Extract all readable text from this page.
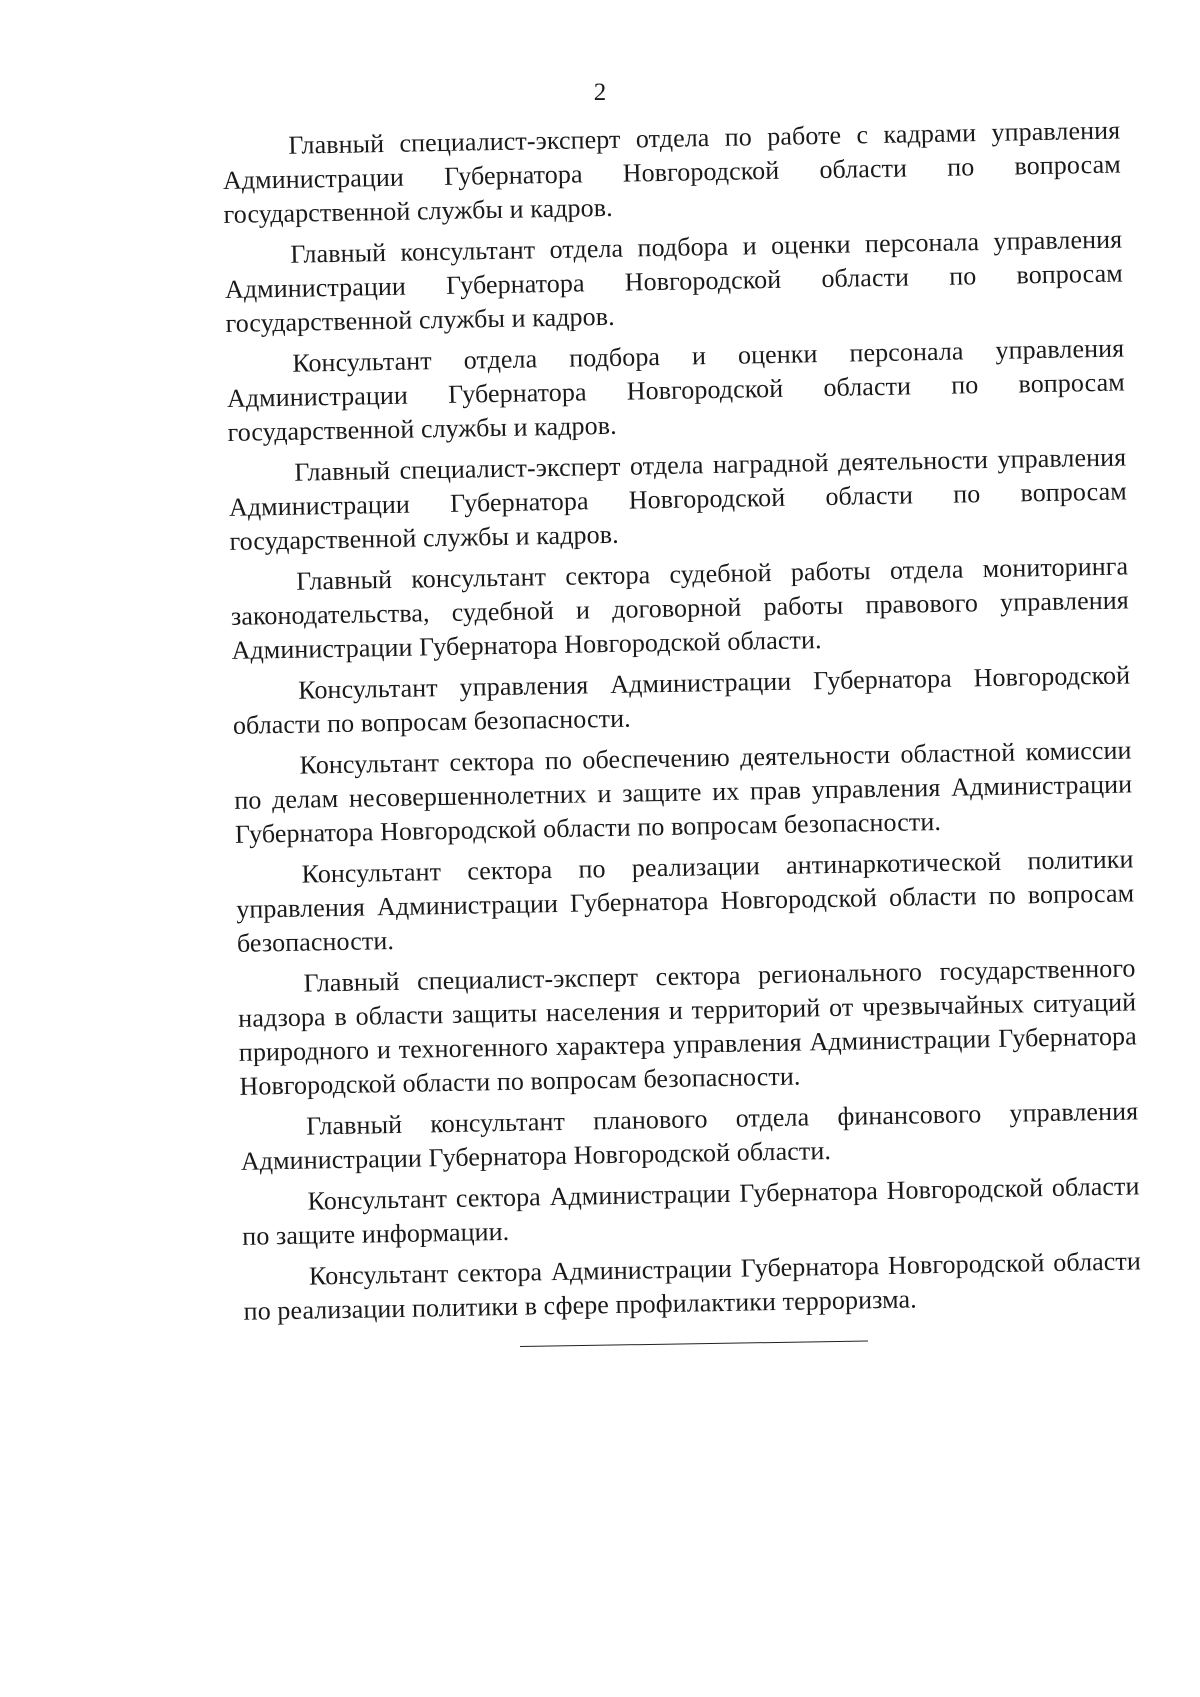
2

Главный специалист-эксперт отдела по работе с кадрами управления Администрации Губернатора Новгородской области по вопросам государственной службы и кадров.

Главный консультант отдела подбора и оценки персонала управления Администрации Губернатора Новгородской области по вопросам государственной службы и кадров.

Консультант отдела подбора и оценки персонала управления Администрации Губернатора Новгородской области по вопросам государственной службы и кадров.

Главный специалист-эксперт отдела наградной деятельности управления Администрации Губернатора Новгородской области по вопросам государственной службы и кадров.

Главный консультант сектора судебной работы отдела мониторинга законодательства, судебной и договорной работы правового управления Администрации Губернатора Новгородской области.

Консультант управления Администрации Губернатора Новгородской области по вопросам безопасности.

Консультант сектора по обеспечению деятельности областной комиссии по делам несовершеннолетних и защите их прав управления Администрации Губернатора Новгородской области по вопросам безопасности.

Консультант сектора по реализации антинаркотической политики управления Администрации Губернатора Новгородской области по вопросам безопасности.

Главный специалист-эксперт сектора регионального государственного надзора в области защиты населения и территорий от чрезвычайных ситуаций природного и техногенного характера управления Администрации Губернатора Новгородской области по вопросам безопасности.

Главный консультант планового отдела финансового управления Администрации Губернатора Новгородской области.

Консультант сектора Администрации Губернатора Новгородской области по защите информации.

Консультант сектора Администрации Губернатора Новгородской области по реализации политики в сфере профилактики терроризма.
